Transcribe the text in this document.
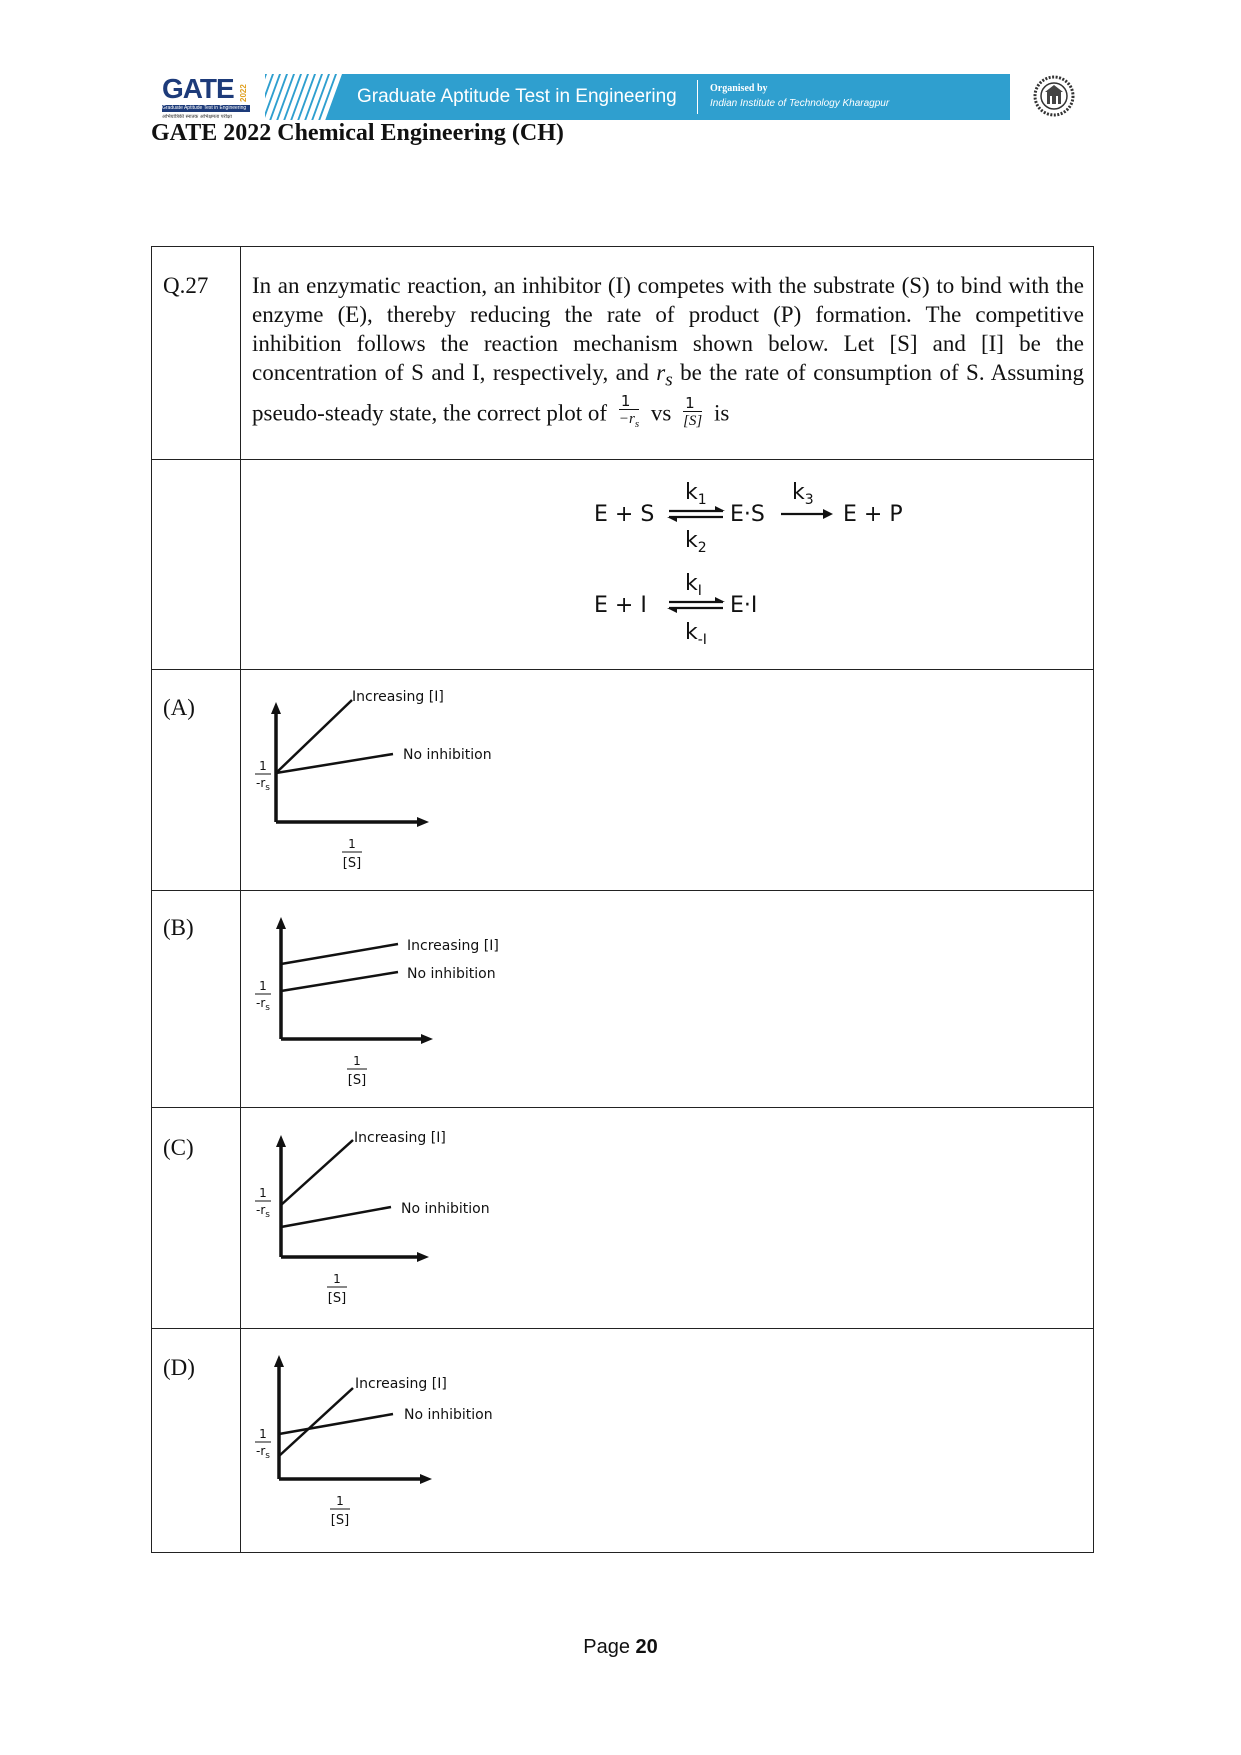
GATE 2022
Graduate Aptitude Test in Engineering
अभियांत्रिकी स्नातक अभिक्षमता परीक्षा
Graduate Aptitude Test in Engineering	Organised by
Indian Institute of Technology Kharagpur
GATE 2022 Chemical Engineering (CH)
Q.27 In an enzymatic reaction, an inhibitor (I) competes with the substrate (S) to bind with the enzyme (E), thereby reducing the rate of product (P) formation. The competitive inhibition follows the reaction mechanism shown below. Let [S] and [I] be the concentration of S and I, respectively, and $r_s$ be the rate of consumption of S. Assuming pseudo-steady state, the correct plot of $\frac{1}{-r_s}$ vs $\frac{1}{[S]}$ is
E + S
$k_1$
$k_2$
E·S
$k_3$
E + P
E + I
$k_I$
$k_{-I}$
E·I
(A)	Increasing [I]
No inhibition
1
$-r_s$
1
[S]
(B)
Increasing [I]
No inhibition
1
$-r_s$
1
[S]
(C)	Increasing [I]
No inhibition
1
$-r_s$
1
[S]
(D)
Increasing [I]
No inhibition
1
$-r_s$
1
[S]
Page 20
